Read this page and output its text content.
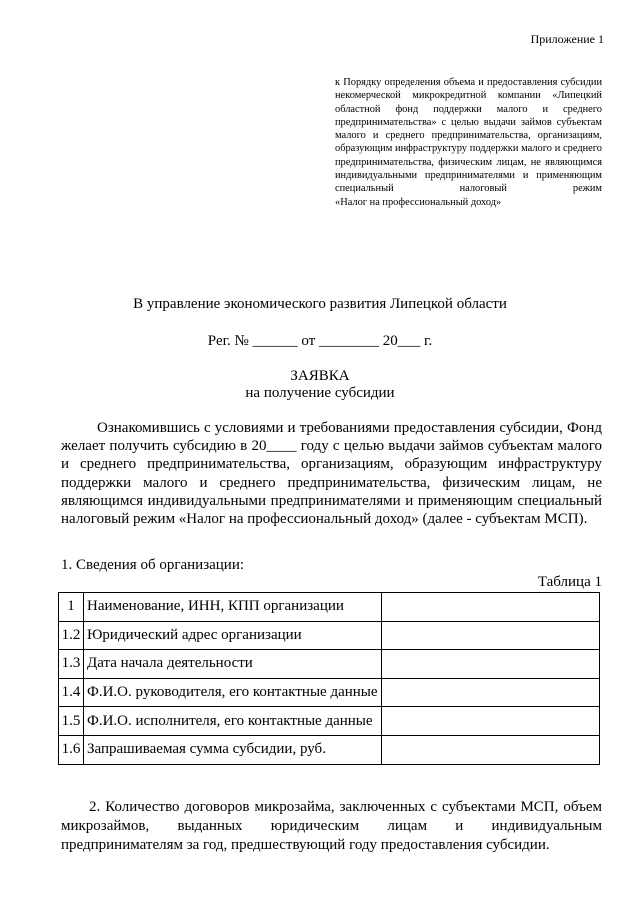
Приложение 1
к Порядку определения объема и предоставления субсидии некомерческой микрокредитной компании «Липецкий областной фонд поддержки малого и среднего предпринимательства» с целью выдачи займов субъектам малого и среднего предпринимательства, организациям, образующим инфраструктуру поддержки малого и среднего предпринимательства, физическим лицам, не являющимся индивидуальными предпринимателями и применяющим специальный налоговый режим
«Налог на профессиональный доход»
В управление экономического развития Липецкой области
Рег. № ______ от ________ 20___ г.
ЗАЯВКА
на получение субсидии
Ознакомившись с условиями и требованиями предоставления субсидии, Фонд желает получить субсидию в 20____ году с целью выдачи займов субъектам малого и среднего предпринимательства, организациям, образующим инфраструктуру поддержки малого и среднего предпринимательства, физическим лицам, не являющимся индивидуальными предпринимателями и применяющим специальный налоговый режим «Налог на профессиональный доход» (далее - субъектам МСП).
1. Сведения об организации:
Таблица 1
1	Наименование, ИНН, КПП организации	
1.2	Юридический адрес организации	
1.3	Дата начала деятельности	
1.4	Ф.И.О. руководителя, его контактные данные	
1.5	Ф.И.О. исполнителя, его контактные данные	
1.6	Запрашиваемая сумма субсидии, руб.	
2. Количество договоров микрозайма, заключенных с субъектами МСП, объем микрозаймов, выданных юридическим лицам и индивидуальным предпринимателям за год, предшествующий году предоставления субсидии.
